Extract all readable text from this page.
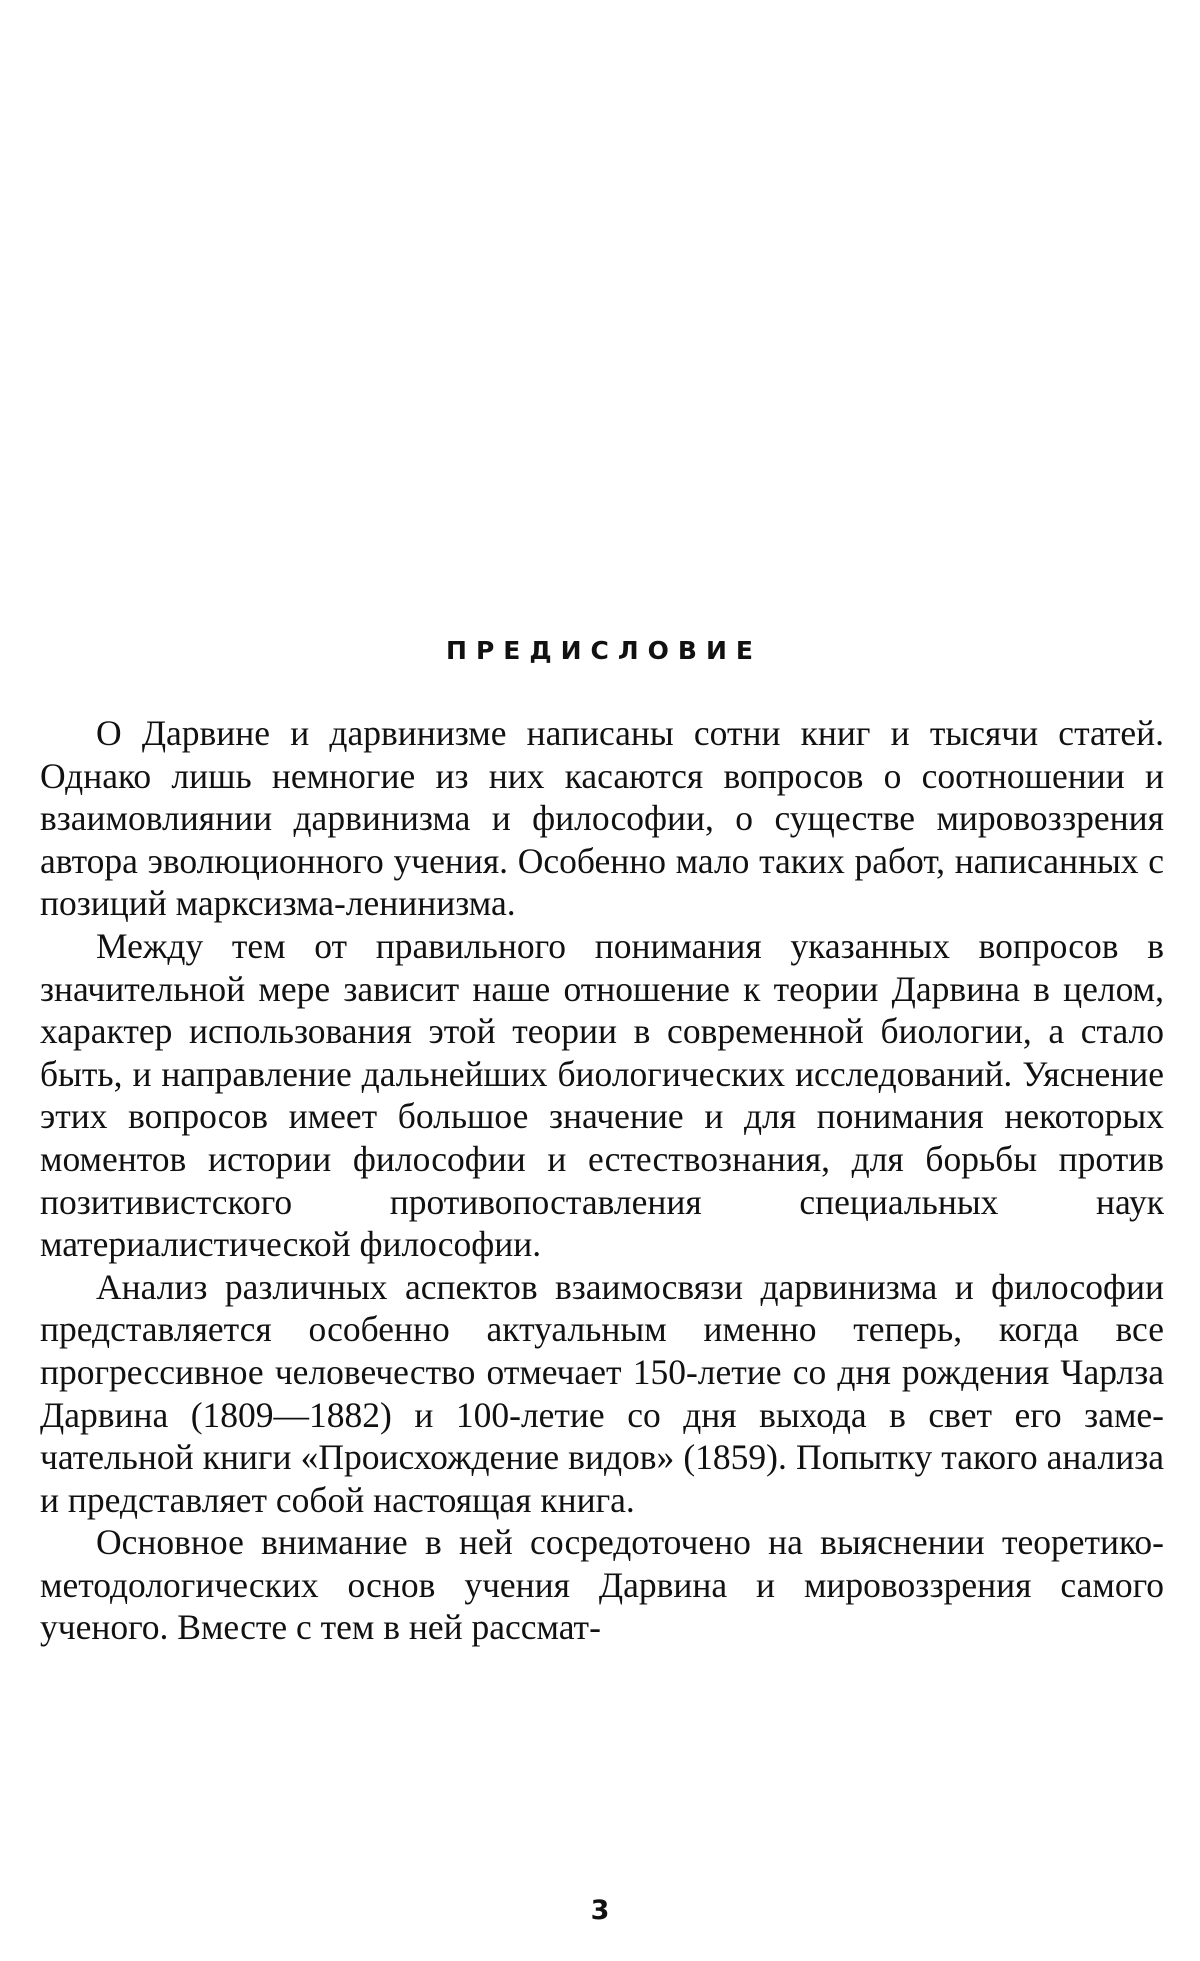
ПРЕДИСЛОВИЕ

О Дарвине и дарвинизме написаны сотни книг и тысячи статей. Однако лишь немногие из них касаются вопросов о соотношении и взаимовлиянии дарвинизма и философии, о существе мировоззрения автора эволюционного учения. Особенно мало таких работ, написанных с позиций марксизма-ленинизма.

Между тем от правильного понимания указанных вопросов в значительной мере зависит наше отношение к теории Дарвина в целом, характер использования этой теории в современной биологии, а стало быть, и направление дальнейших биологических исследований. Уяснение этих вопросов имеет большое значение и для понимания некоторых моментов истории философии и естествознания, для борьбы против позитивистского противопоставления специальных наук материалистической философии.

Анализ различных аспектов взаимосвязи дарвинизма и философии представляется особенно актуальным именно теперь, когда все прогрессивное человечество отмечает 150-летие со дня рождения Чарлза Дарвина (1809—1882) и 100-летие со дня выхода в свет его замечательной книги «Происхождение видов» (1859). Попытку такого анализа и представляет собой настоящая книга.

Основное внимание в ней сосредоточено на выяснении теоретико-методологических основ учения Дарвина и мировоззрения самого ученого. Вместе с тем в ней рассмат-

3
